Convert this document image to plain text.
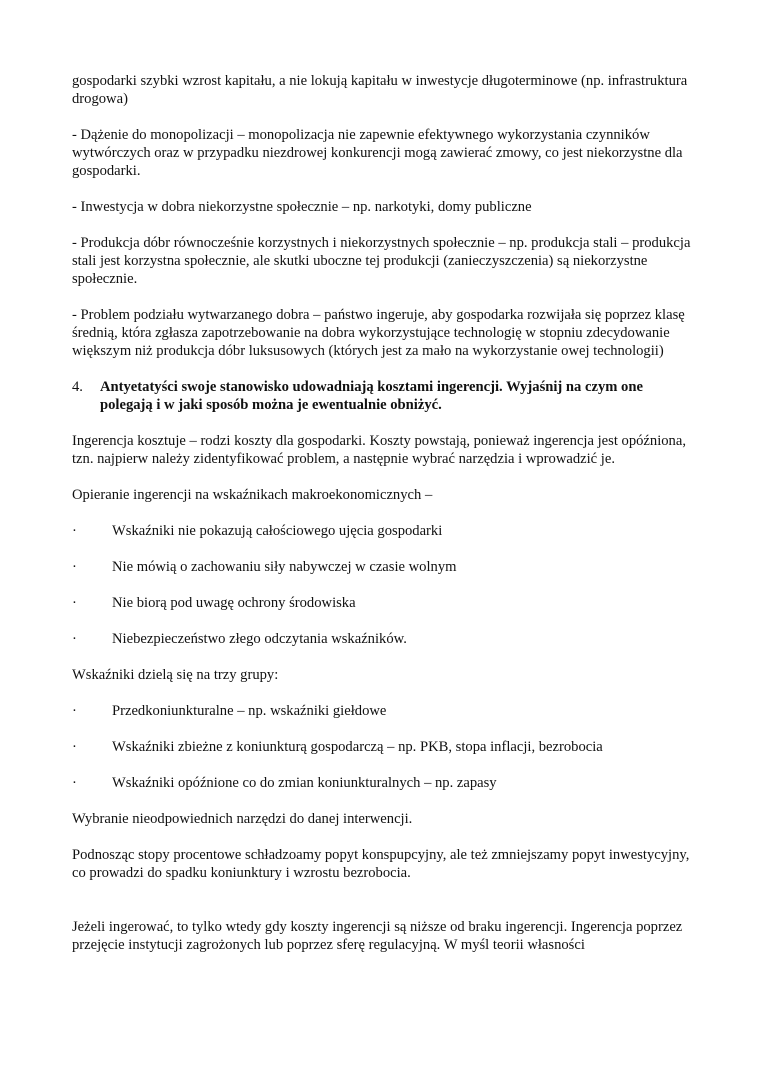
gospodarki szybki wzrost kapitału, a nie lokują kapitału w inwestycje długoterminowe (np. infrastruktura drogowa)

- Dążenie do monopolizacji – monopolizacja nie zapewnie efektywnego wykorzystania czynników wytwórczych oraz w przypadku niezdrowej konkurencji mogą zawierać zmowy, co jest niekorzystne dla gospodarki.

- Inwestycja w dobra niekorzystne społecznie – np. narkotyki, domy publiczne

- Produkcja dóbr równocześnie korzystnych i niekorzystnych społecznie – np. produkcja stali – produkcja stali jest korzystna społecznie, ale skutki uboczne tej produkcji (zanieczyszczenia) są niekorzystne społecznie.

- Problem podziału wytwarzanego dobra – państwo ingeruje, aby gospodarka rozwijała się poprzez klasę średnią, która zgłasza zapotrzebowanie na dobra wykorzystujące technologię w stopniu zdecydowanie większym niż produkcja dóbr luksusowych (których jest za mało na wykorzystanie owej technologii)

4.	Antyetatyści swoje stanowisko udowadniają kosztami ingerencji. Wyjaśnij na czym one polegają i w jaki sposób można je ewentualnie obniżyć.

Ingerencja kosztuje – rodzi koszty dla gospodarki. Koszty powstają, ponieważ ingerencja jest opóźniona, tzn. najpierw należy zidentyfikować problem, a następnie wybrać narzędzia i wprowadzić je.

Opieranie ingerencji na wskaźnikach makroekonomicznych –

·	Wskaźniki nie pokazują całościowego ujęcia gospodarki
·	Nie mówią o zachowaniu siły nabywczej w czasie wolnym
·	Nie biorą pod uwagę ochrony środowiska
·	Niebezpieczeństwo złego odczytania wskaźników.

Wskaźniki dzielą się na trzy grupy:

·	Przedkoniunkturalne – np. wskaźniki giełdowe
·	Wskaźniki zbieżne z koniunkturą gospodarczą – np. PKB, stopa inflacji, bezrobocia
·	Wskaźniki opóźnione co do zmian koniunkturalnych – np. zapasy

Wybranie nieodpowiednich narzędzi do danej interwencji.

Podnosząc stopy procentowe schładzoamy popyt konspupcyjny, ale też zmniejszamy popyt inwestycyjny, co prowadzi do spadku koniunktury i wzrostu bezrobocia.

Jeżeli ingerować, to tylko wtedy gdy koszty ingerencji są niższe od braku ingerencji. Ingerencja poprzez przejęcie instytucji zagrożonych lub poprzez sferę regulacyjną. W myśl teorii własności
